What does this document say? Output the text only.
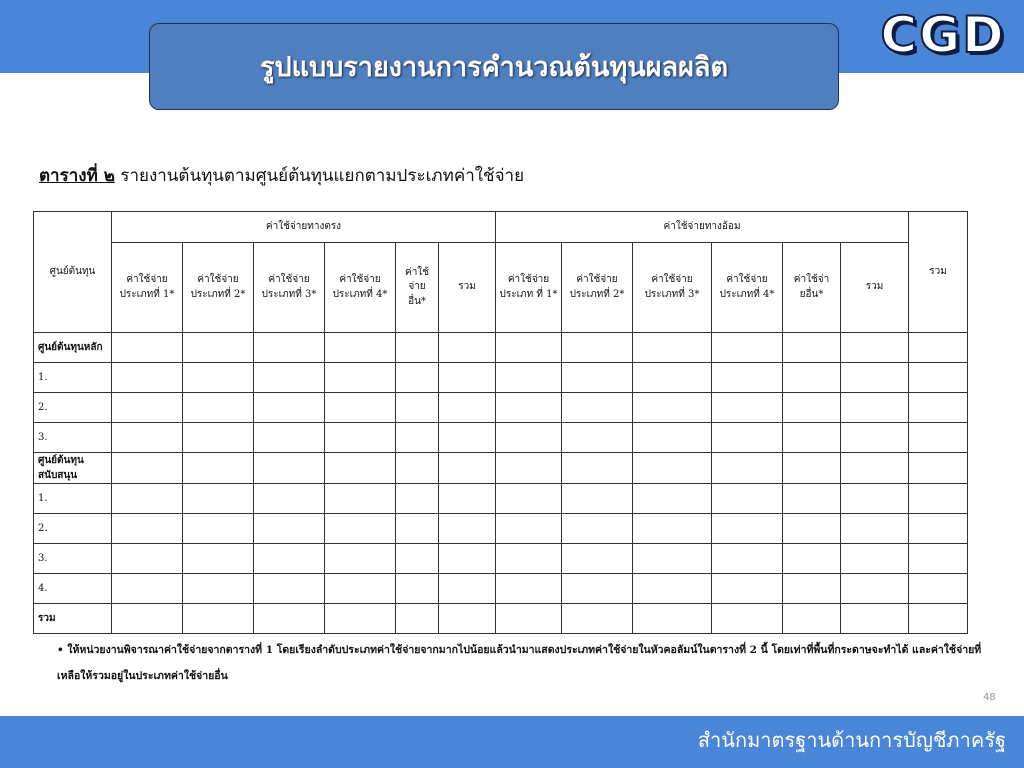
รูปแบบรายงานการคำนวณต้นทุนผลผลิต
CGD
ตารางที่ ๒ รายงานต้นทุนตามศูนย์ต้นทุนแยกตามประเภทค่าใช้จ่าย
ศูนย์ต้นทุน	ค่าใช้จ่ายทางตรง						ค่าใช้จ่ายทางอ้อม						รวม
	ค่าใช้จ่าย ประเภทที่ 1*	ค่าใช้จ่าย ประเภทที่ 2*	ค่าใช้จ่าย ประเภทที่ 3*	ค่าใช้จ่าย ประเภทที่ 4*	ค่าใช้ จ่าย อื่น*	รวม	ค่าใช้จ่าย ประเภท ที่ 1*	ค่าใช้จ่าย ประเภทที่ 2*	ค่าใช้จ่าย ประเภทที่ 3*	ค่าใช้จ่าย ประเภทที่ 4*	ค่าใช้จ่า ยอื่น*	รวม	
ศูนย์ต้นทุนหลัก													
1.													
2.													
3.													
ศูนย์ต้นทุนสนับสนุน													
1.													
2.													
3.													
4.													
รวม													
• ให้หน่วยงานพิจารณาค่าใช้จ่ายจากตารางที่ 1 โดยเรียงลำดับประเภทค่าใช้จ่ายจากมากไปน้อยแล้วนำมาแสดงประเภทค่าใช้จ่ายในหัวคอลัมน์ในตารางที่ 2 นี้ โดยเท่าที่พื้นที่กระดาษจะทำได้ และค่าใช้จ่ายที่เหลือให้รวมอยู่ในประเภทค่าใช้จ่ายอื่น
48
สำนักมาตรฐานด้านการบัญชีภาครัฐ
